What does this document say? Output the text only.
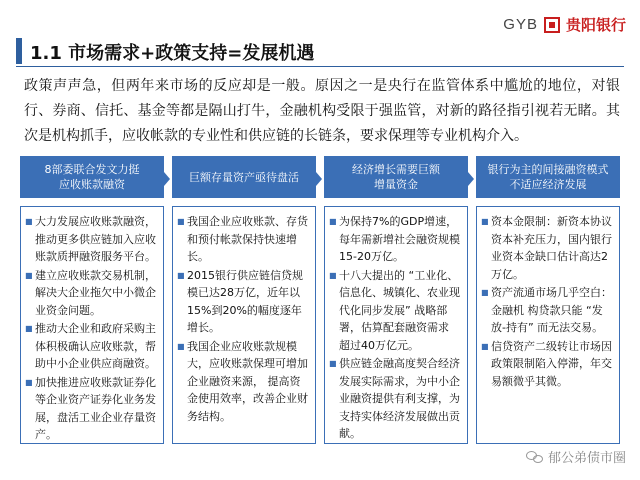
1.1 市场需求+政策支持=发展机遇
GYB 贵阳银行
政策声声急，但两年来市场的反应却是一般。原因之一是央行在监管体系中尴尬的地位，对银行、券商、信托、基金等都是隔山打牛，金融机构受限于强监管，对新的路径指引视若无睹。其次是机构抓手，应收帐款的专业性和供应链的长链条，要求保理等专业机构介入。
8部委联合发文力挺
应收账款融资
■ 大力发展应收账款融资，推动更多供应链加入应收账款质押融资服务平台。
■ 建立应收账款交易机制，解决大企业拖欠中小微企业资金问题。
■ 推动大企业和政府采购主体积极确认应收账款，帮助中小企业供应商融资。
■ 加快推进应收账款证券化等企业资产证券化业务发展，盘活工业企业存量资产。
巨额存量资产亟待盘活
■ 我国企业应收账款、存货和预付帐款保持快速增长。
■ 2015银行供应链信贷规模已达28万亿，近年以15%到20%的幅度逐年增长。
■ 我国企业应收账款规模大，应收账款保理可增加企业融资来源， 提高资金使用效率，改善企业财 务结构。
经济增长需要巨额
增量资金
■ 为保持7%的GDP增速，每年需新增社会融资规模15-20万亿。
■ 十八大提出的 “工业化、信息化、城镇化、农业现代化同步发展” 战略部署，估算配套融资需求 超过40万亿元。
■ 供应链金融高度契合经济发展实际需求，为中小企业融资提供有利支撑，为支持实体经济发展做出贡献。
银行为主的间接融资模式
不适应经济发展
■ 资本金限制：新资本协议资本补充压力，国内银行业资本金缺口估计高达2万亿。
■ 资产流通市场几乎空白：金融机 构贷款只能 “发放-持有” 而无法交易。
■ 信贷资产二级转让市场因政策限制陷入停滞，年交易额微乎其微。
郁公弟债市圈
